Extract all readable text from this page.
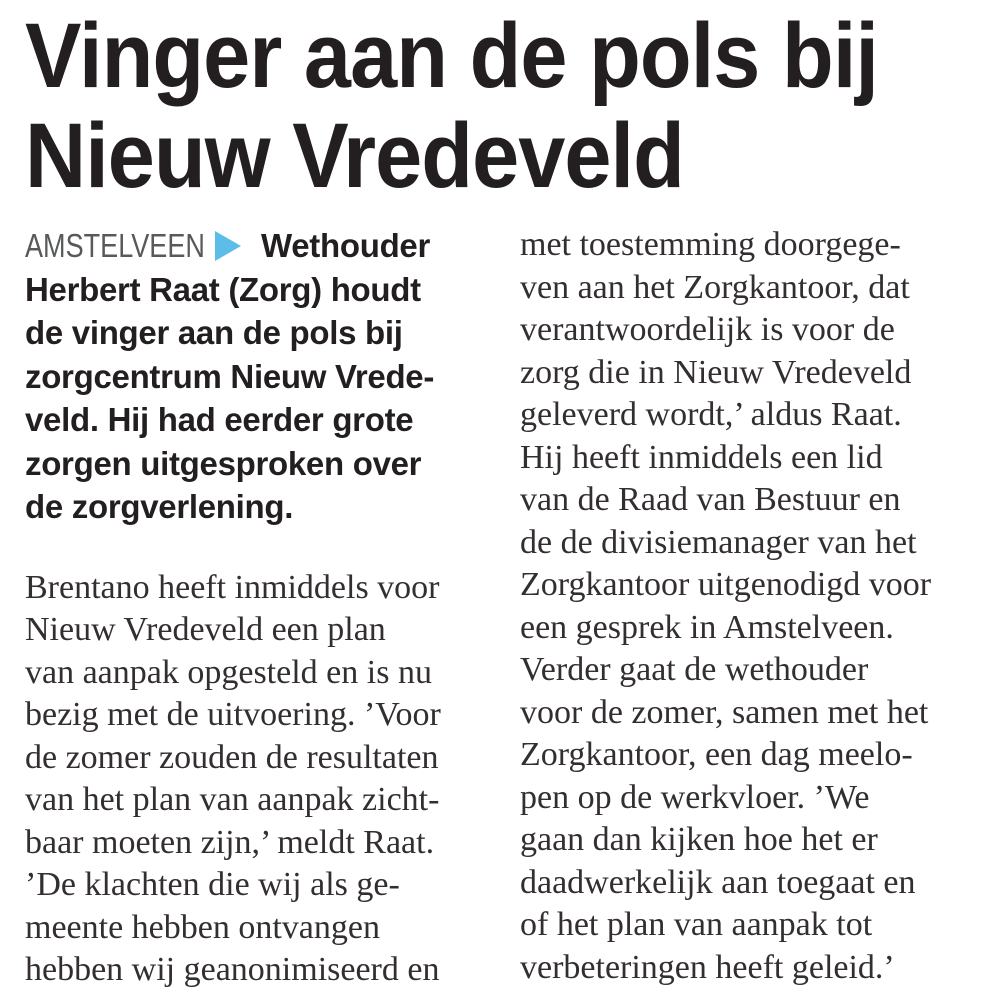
Vinger aan de pols bij
Nieuw Vredeveld
AMSTELVEEN Wethouder
Herbert Raat (Zorg) houdt
de vinger aan de pols bij
zorgcentrum Nieuw Vrede-
veld. Hij had eerder grote
zorgen uitgesproken over
de zorgverlening.
Brentano heeft inmiddels voor
Nieuw Vredeveld een plan
van aanpak opgesteld en is nu
bezig met de uitvoering. ’Voor
de zomer zouden de resultaten
van het plan van aanpak zicht-
baar moeten zijn,’ meldt Raat.
’De klachten die wij als ge-
meente hebben ontvangen
hebben wij geanonimiseerd en
met toestemming doorgege-
ven aan het Zorgkantoor, dat
verantwoordelijk is voor de
zorg die in Nieuw Vredeveld
geleverd wordt,’ aldus Raat.
Hij heeft inmiddels een lid
van de Raad van Bestuur en
de de divisiemanager van het
Zorgkantoor uitgenodigd voor
een gesprek in Amstelveen.
Verder gaat de wethouder
voor de zomer, samen met het
Zorgkantoor, een dag meelo-
pen op de werkvloer. ’We
gaan dan kijken hoe het er
daadwerkelijk aan toegaat en
of het plan van aanpak tot
verbeteringen heeft geleid.’
